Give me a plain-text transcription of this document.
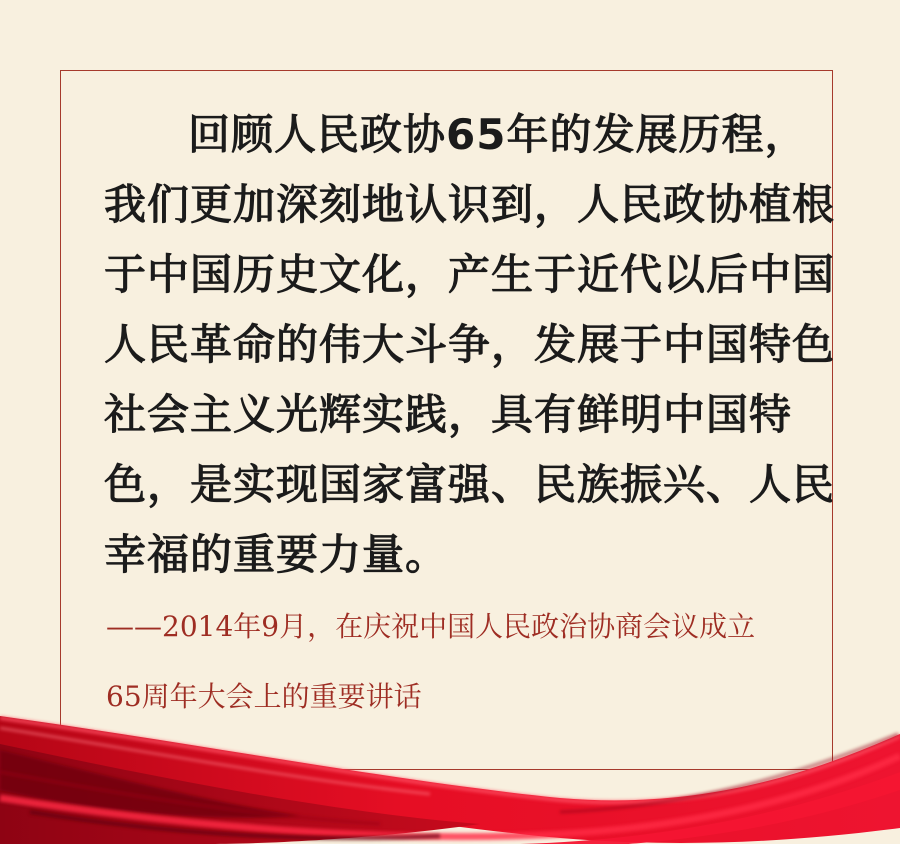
回顾人民政协65年的发展历程，
我们更加深刻地认识到，人民政协植根
于中国历史文化，产生于近代以后中国
人民革命的伟大斗争，发展于中国特色
社会主义光辉实践，具有鲜明中国特
色，是实现国家富强、民族振兴、人民
幸福的重要力量。
——2014年9月，在庆祝中国人民政治协商会议成立
65周年大会上的重要讲话
